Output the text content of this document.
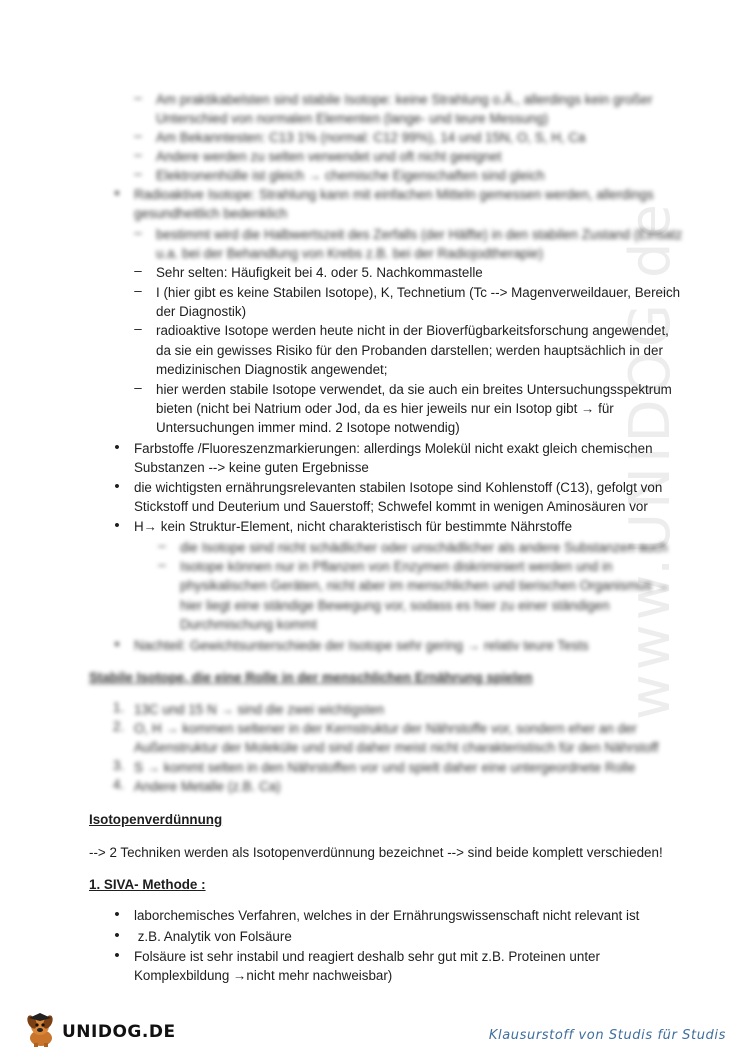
www.UNIDOG.de
– Am praktikabelsten sind stabile Isotope: keine Strahlung o.Ä., allerdings kein großer
Unterschied von normalen Elementen (lange- und teure Messung)
– Am Bekanntesten: C13 1% (normal: C12 99%), 14 und 15N, O, S, H, Ca
– Andere werden zu selten verwendet und oft nicht geeignet
– Elektronenhülle ist gleich → chemische Eigenschaften sind gleich
•	Radioaktive Isotope: Strahlung kann mit einfachen Mitteln gemessen werden, allerdings
gesundheitlich bedenklich
– bestimmt wird die Halbwertszeit des Zerfalls (der Hälfte) in den stabilen Zustand (Einsatz
u.a. bei der Behandlung von Krebs z.B. bei der Radiojodtherapie)
– Sehr selten: Häufigkeit bei 4. oder 5. Nachkommastelle
– I (hier gibt es keine Stabilen Isotope), K, Technetium (Tc --> Magenverweildauer, Bereich
der Diagnostik)
– radioaktive Isotope werden heute nicht in der Bioverfügbarkeitsforschung angewendet,
da sie ein gewisses Risiko für den Probanden darstellen; werden hauptsächlich in der
medizinischen Diagnostik angewendet;
– hier werden stabile Isotope verwendet, da sie auch ein breites Untersuchungsspektrum
bieten (nicht bei Natrium oder Jod, da es hier jeweils nur ein Isotop gibt → für
Untersuchungen immer mind. 2 Isotope notwendig)
•	Farbstoffe /Fluoreszenzmarkierungen: allerdings Molekül nicht exakt gleich chemischen
Substanzen --> keine guten Ergebnisse
•	die wichtigsten ernährungsrelevanten stabilen Isotope sind Kohlenstoff (C13), gefolgt von
Stickstoff und Deuterium und Sauerstoff; Schwefel kommt in wenigen Aminosäuren vor
•	H→ kein Struktur-Element, nicht charakteristisch für bestimmte Nährstoffe
– die Isotope sind nicht schädlicher oder unschädlicher als andere Substanzen auch
– Isotope können nur in Pflanzen von Enzymen diskriminiert werden und in
physikalischen Geräten, nicht aber im menschlichen und tierischen Organismus →
hier liegt eine ständige Bewegung vor, sodass es hier zu einer ständigen
Durchmischung kommt
•	Nachteil: Gewichtsunterschiede der Isotope sehr gering → relativ teure Tests
Stabile Isotope, die eine Rolle in der menschlichen Ernährung spielen
1. 13C und 15 N → sind die zwei wichtigsten
2. O, H → kommen seltener in der Kernstruktur der Nährstoffe vor, sondern eher an der
Außenstruktur der Moleküle und sind daher meist nicht charakteristisch für den Nährstoff
3. S → kommt selten in den Nährstoffen vor und spielt daher eine untergeordnete Rolle
4. Andere Metalle (z.B. Ca)
Isotopenverdünnung
--> 2 Techniken werden als Isotopenverdünnung bezeichnet --> sind beide komplett verschieden!
1. SIVA- Methode :
•	laborchemisches Verfahren, welches in der Ernährungswissenschaft nicht relevant ist
•	z.B. Analytik von Folsäure
•	Folsäure ist sehr instabil und reagiert deshalb sehr gut mit z.B. Proteinen unter
Komplexbildung →nicht mehr nachweisbar)
UNIDOG.DE	Klausurstoff von Studis für Studis
